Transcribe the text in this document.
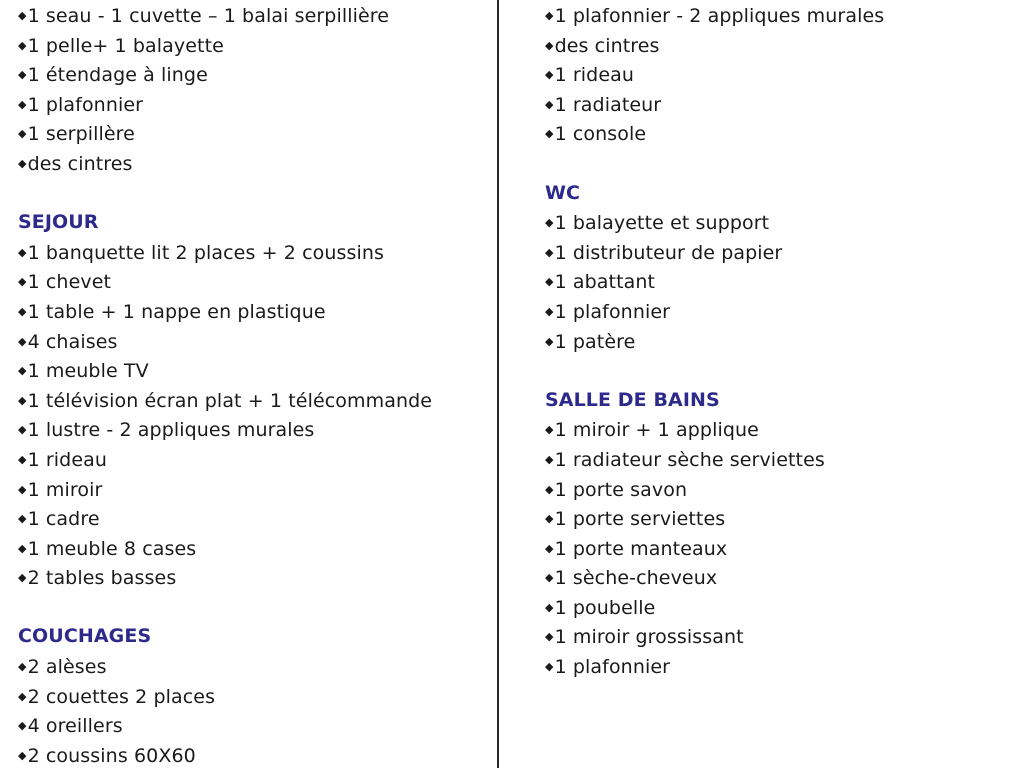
◆1 seau - 1 cuvette – 1 balai serpillière
◆1 pelle+ 1 balayette
◆1 étendage à linge
◆1 plafonnier
◆1 serpillère
◆des cintres
SEJOUR
◆1 banquette lit 2 places + 2 coussins
◆1 chevet
◆1 table + 1 nappe en plastique
◆4 chaises
◆1 meuble TV
◆1 télévision écran plat + 1 télécommande
◆1 lustre - 2 appliques murales
◆1 rideau
◆1 miroir
◆1 cadre
◆1 meuble 8 cases
◆2 tables basses
COUCHAGES
◆2 alèses
◆2 couettes 2 places
◆4 oreillers
◆2 coussins 60X60
◆1 plafonnier - 2 appliques murales
◆des cintres
◆1 rideau
◆1 radiateur
◆1 console
WC
◆1 balayette et support
◆1 distributeur de papier
◆1 abattant
◆1 plafonnier
◆1 patère
SALLE DE BAINS
◆1 miroir + 1 applique
◆1 radiateur sèche serviettes
◆1 porte savon
◆1 porte serviettes
◆1 porte manteaux
◆1 sèche-cheveux
◆1 poubelle
◆1 miroir grossissant
◆1 plafonnier
